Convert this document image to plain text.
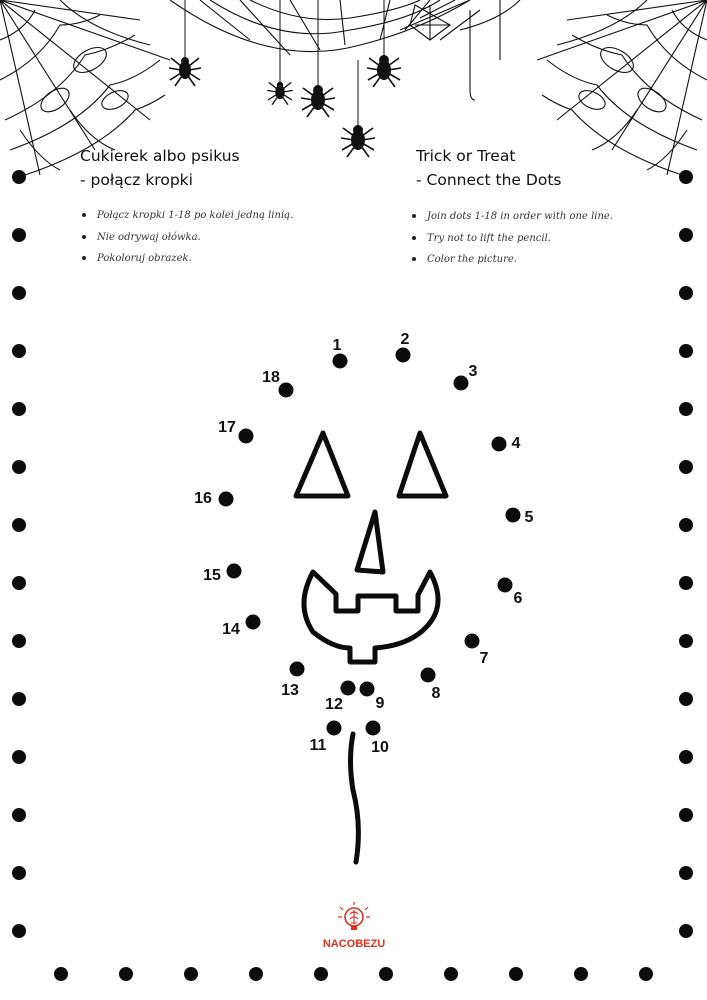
NACOBEZU
1	2
3
4
5
6
7
8
9
10
11
12
13
14
15
16
17
18
Cukierek albo psikus
- połącz kropki
Połącz kropki 1-18 po kolei jedną linią.
Nie odrywaj ołówka.
Pokoloruj obrazek.
Trick or Treat
- Connect the Dots
Join dots 1-18 in order with one line.
Try not to lift the pencil.
Color the picture.
